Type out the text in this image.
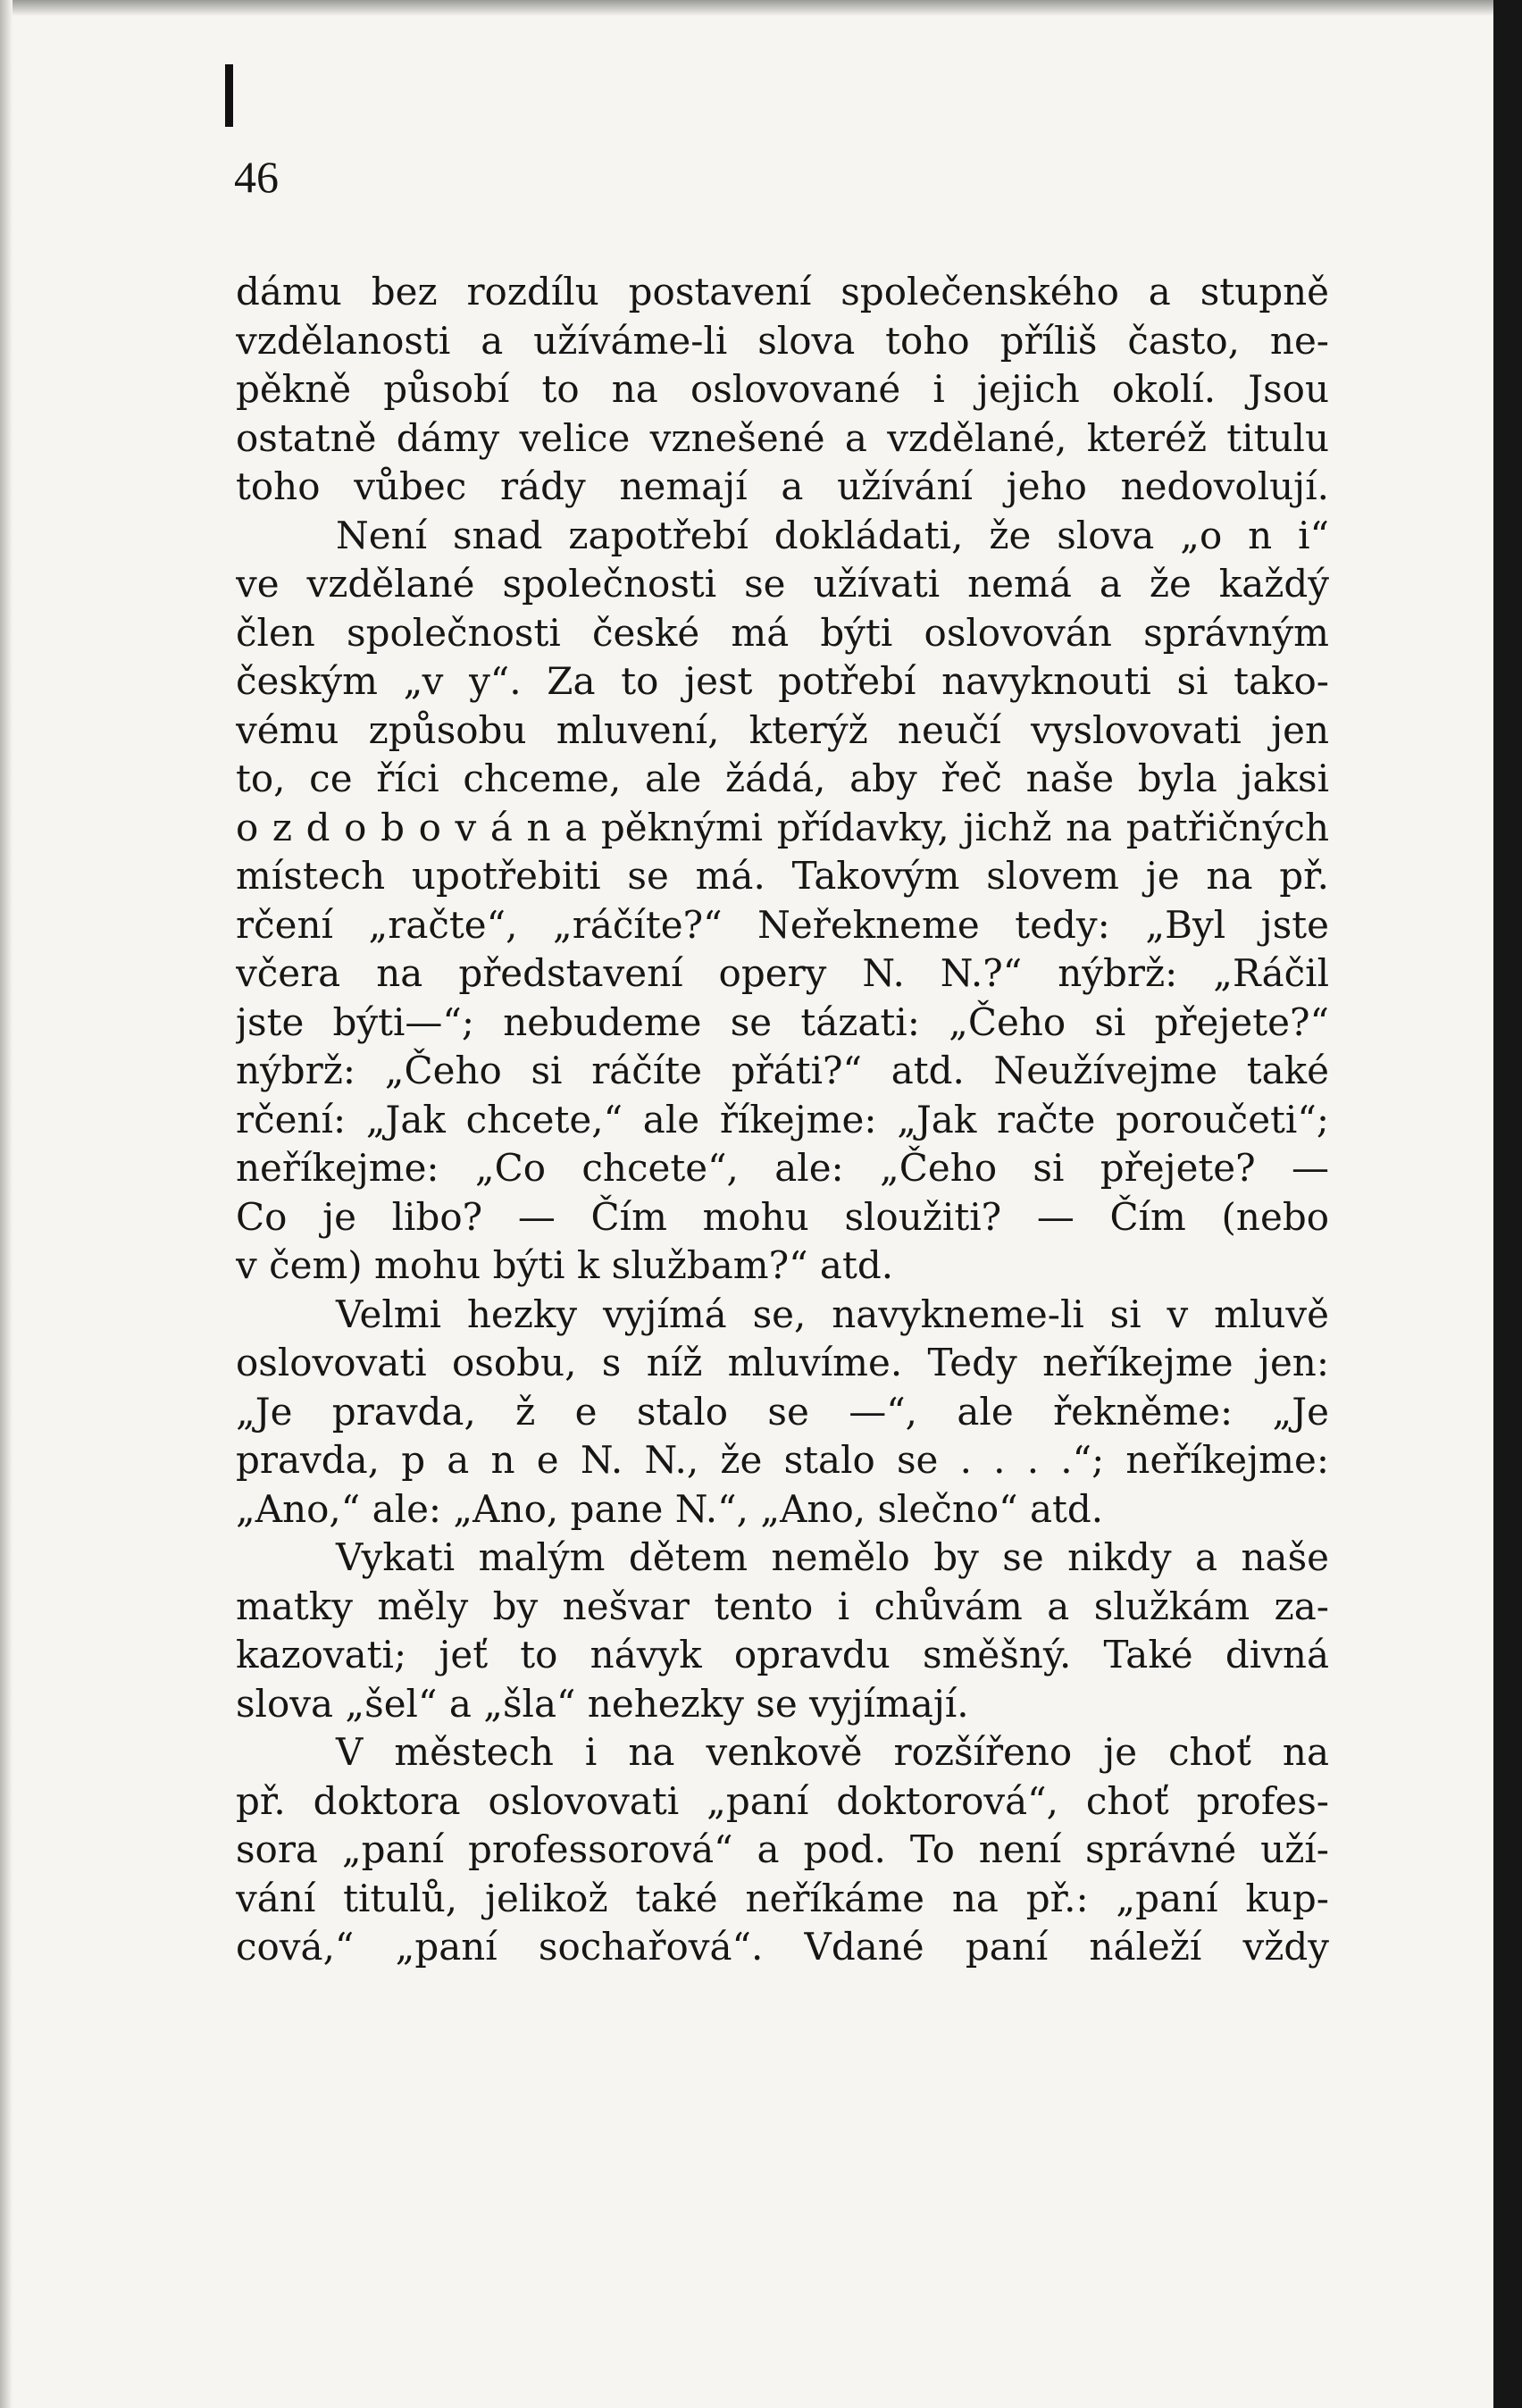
46
dámu bez rozdílu postavení společenského a stupně
vzdělanosti a užíváme-li slova toho příliš často, ne-
pěkně působí to na oslovované i jejich okolí. Jsou
ostatně dámy velice vznešené a vzdělané, kteréž titulu
toho vůbec rády nemají a užívání jeho nedovolují.
Není snad zapotřebí dokládati, že slova „o n i“
ve vzdělané společnosti se užívati nemá a že každý
člen společnosti české má býti oslovován správným
českým „v y“. Za to jest potřebí navyknouti si tako-
vému způsobu mluvení, kterýž neučí vyslovovati jen
to, ce říci chceme, ale žádá, aby řeč naše byla jaksi
o z d o b o v á n a pěknými přídavky, jichž na patřičných
místech upotřebiti se má. Takovým slovem je na př.
rčení „račte“, „ráčíte?“ Neřekneme tedy: „Byl jste
včera na představení opery N. N.?“ nýbrž: „Ráčil
jste býti—“; nebudeme se tázati: „Čeho si přejete?“
nýbrž: „Čeho si ráčíte přáti?“ atd. Neužívejme také
rčení: „Jak chcete,“ ale říkejme: „Jak račte poroučeti“;
neříkejme: „Co chcete“, ale: „Čeho si přejete? —
Co je libo? — Čím mohu sloužiti? — Čím (nebo
v čem) mohu býti k službam?“ atd.
Velmi hezky vyjímá se, navykneme-li si v mluvě
oslovovati osobu, s níž mluvíme. Tedy neříkejme jen:
„Je pravda, ž e stalo se —“, ale řekněme: „Je
pravda, p a n e N. N., že stalo se . . . .“; neříkejme:
„Ano,“ ale: „Ano, pane N.“, „Ano, slečno“ atd.
Vykati malým dětem nemělo by se nikdy a naše
matky měly by nešvar tento i chůvám a služkám za-
kazovati; jeť to návyk opravdu směšný. Také divná
slova „šel“ a „šla“ nehezky se vyjímají.
V městech i na venkově rozšířeno je choť na
př. doktora oslovovati „paní doktorová“, choť profes-
sora „paní professorová“ a pod. To není správné uží-
vání titulů, jelikož také neříkáme na př.: „paní kup-
cová,“ „paní sochařová“. Vdané paní náleží vždy
